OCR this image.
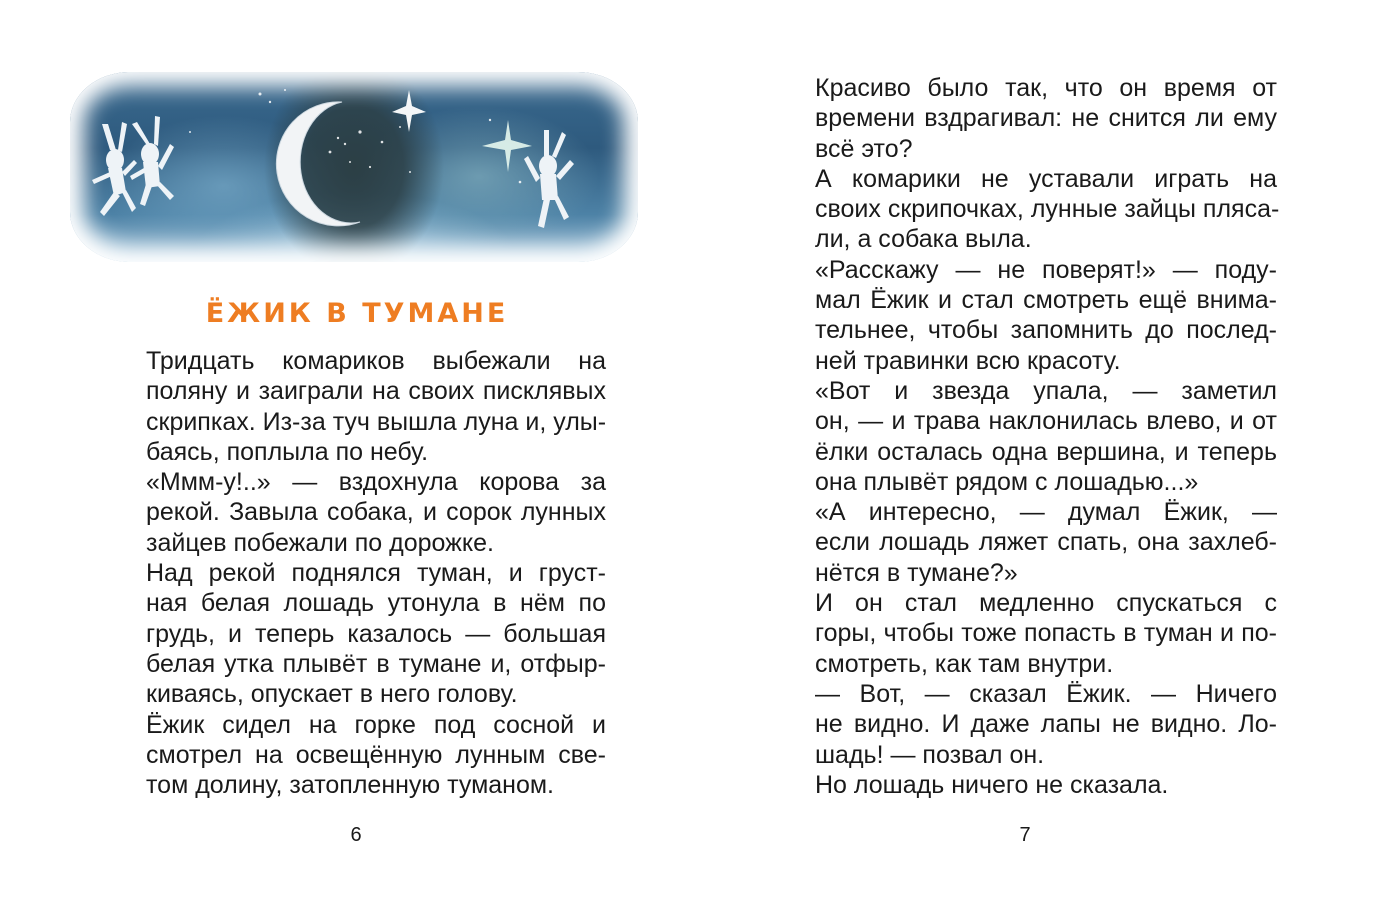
ЁЖИК В ТУМАНЕ

Тридцать комариков выбежали на
поляну и заиграли на своих писклявых
скрипках. Из-за туч вышла луна и, улы-
баясь, поплыла по небу.

«Ммм-у!..» — вздохнула корова за
рекой. Завыла собака, и сорок лунных
зайцев побежали по дорожке.

Над рекой поднялся туман, и груст-
ная белая лошадь утонула в нём по
грудь, и теперь казалось — большая
белая утка плывёт в тумане и, отфыр-
киваясь, опускает в него голову.

Ёжик сидел на горке под сосной и
смотрел на освещённую лунным све-
том долину, затопленную туманом.

6

Красиво было так, что он время от
времени вздрагивал: не снится ли ему
всё это?

А комарики не уставали играть на
своих скрипочках, лунные зайцы пляса-
ли, а собака выла.

«Расскажу — не поверят!» — поду-
мал Ёжик и стал смотреть ещё внима-
тельнее, чтобы запомнить до послед-
ней травинки всю красоту.

«Вот и звезда упала, — заметил
он, — и трава наклонилась влево, и от
ёлки осталась одна вершина, и теперь
она плывёт рядом с лошадью...»

«А интересно, — думал Ёжик, —
если лошадь ляжет спать, она захлеб-
нётся в тумане?»

И он стал медленно спускаться с
горы, чтобы тоже попасть в туман и по-
смотреть, как там внутри.

— Вот, — сказал Ёжик. — Ничего
не видно. И даже лапы не видно. Ло-
шадь! — позвал он.

Но лошадь ничего не сказала.

7
